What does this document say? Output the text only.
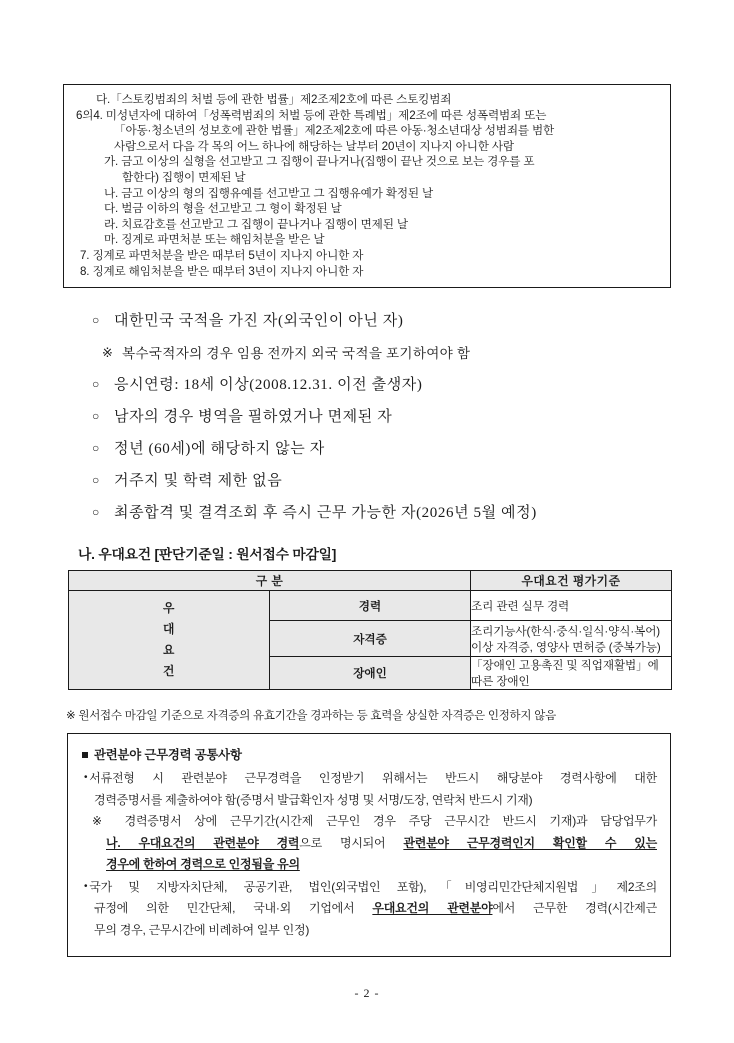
다.「스토킹범죄의 처벌 등에 관한 법률」제2조제2호에 따른 스토킹범죄
6의4. 미성년자에 대하여「성폭력범죄의 처벌 등에 관한 특례법」제2조에 따른 성폭력범죄 또는
「아동·청소년의 성보호에 관한 법률」제2조제2호에 따른 아동·청소년대상 성범죄를 범한
사람으로서 다음 각 목의 어느 하나에 해당하는 날부터 20년이 지나지 아니한 사람
가. 금고 이상의 실형을 선고받고 그 집행이 끝나거나(집행이 끝난 것으로 보는 경우를 포
함한다) 집행이 면제된 날
나. 금고 이상의 형의 집행유예를 선고받고 그 집행유예가 확정된 날
다. 벌금 이하의 형을 선고받고 그 형이 확정된 날
라. 치료감호를 선고받고 그 집행이 끝나거나 집행이 면제된 날
마. 징계로 파면처분 또는 해임처분을 받은 날
7. 징계로 파면처분을 받은 때부터 5년이 지나지 아니한 자
8. 징계로 해임처분을 받은 때부터 3년이 지나지 아니한 자
○ 대한민국 국적을 가진 자(외국인이 아닌 자)
※ 복수국적자의 경우 임용 전까지 외국 국적을 포기하여야 함
○ 응시연령: 18세 이상(2008.12.31. 이전 출생자)
○ 남자의 경우 병역을 필하였거나 면제된 자
○ 정년 (60세)에 해당하지 않는 자
○ 거주지 및 학력 제한 없음
○ 최종합격 및 결격조회 후 즉시 근무 가능한 자(2026년 5월 예정)
나. 우대요건 [판단기준일 : 원서접수 마감일]
구 분		우대요건 평가기준

우
대
요
건	경력	조리 관련 실무 경력
	자격증	조리기능사(한식·중식·일식·양식·복어) 이상 자격증, 영양사 면허증 (중복가능)
	장애인	「장애인 고용촉진 및 직업재활법」에 따른 장애인
※ 원서접수 마감일 기준으로 자격증의 유효기간을 경과하는 등 효력을 상실한 자격증은 인정하지 않음
관련분야 근무경력 공통사항
• 서류전형 시 관련분야 근무경력을 인정받기 위해서는 반드시 해당분야 경력사항에 대한
경력증명서를 제출하여야 함(증명서 발급확인자 성명 및 서명/도장, 연락처 반드시 기재)
※ 경력증명서 상에 근무기간(시간제 근무인 경우 주당 근무시간 반드시 기재)과 담당업무가
나. 우대요건의 관련분야 경력으로 명시되어 관련분야 근무경력인지 확인할 수 있는
경우에 한하여 경력으로 인정됨을 유의
• 국가 및 지방자치단체, 공공기관, 법인(외국법인 포함),「비영리민간단체지원법」제2조의
규정에 의한 민간단체, 국내·외 기업에서 우대요건의 관련분야에서 근무한 경력(시간제근
무의 경우, 근무시간에 비례하여 일부 인정)
- 2 -
